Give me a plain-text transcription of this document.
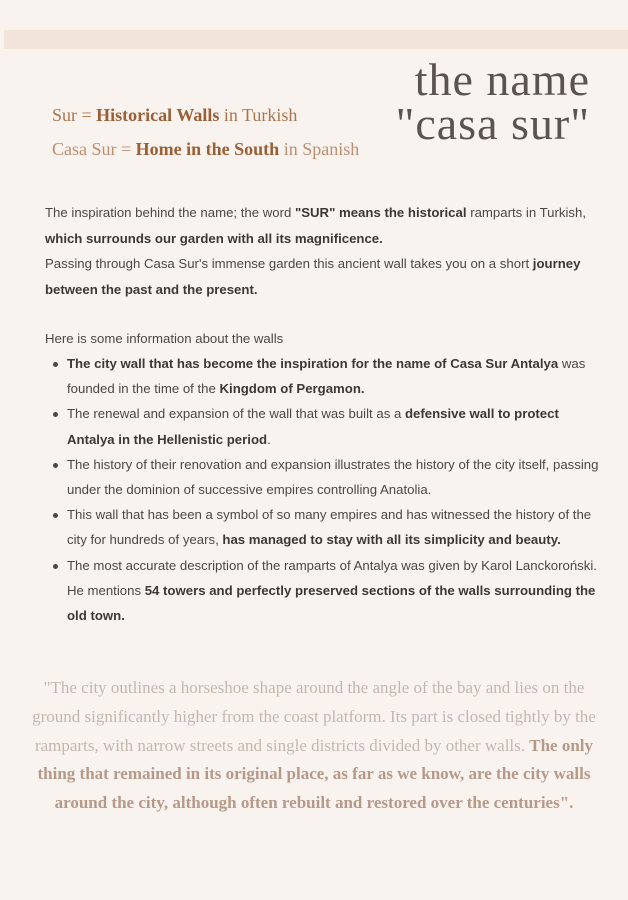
the name
"casa sur"
Sur = Historical Walls in Turkish
Casa Sur = Home in the South in Spanish
The inspiration behind the name; the word "SUR" means the historical ramparts in Turkish, which surrounds our garden with all its magnificence.
Passing through Casa Sur's immense garden this ancient wall takes you on a short journey between the past and the present.
Here is some information about the walls
The city wall that has become the inspiration for the name of Casa Sur Antalya was founded in the time of the Kingdom of Pergamon.
The renewal and expansion of the wall that was built as a defensive wall to protect Antalya in the Hellenistic period.
The history of their renovation and expansion illustrates the history of the city itself, passing under the dominion of successive empires controlling Anatolia.
This wall that has been a symbol of so many empires and has witnessed the history of the city for hundreds of years, has managed to stay with all its simplicity and beauty.
The most accurate description of the ramparts of Antalya was given by Karol Lanckoroński. He mentions 54 towers and perfectly preserved sections of the walls surrounding the old town.
"The city outlines a horseshoe shape around the angle of the bay and lies on the ground significantly higher from the coast platform. Its part is closed tightly by the ramparts, with narrow streets and single districts divided by other walls. The only thing that remained in its original place, as far as we know, are the city walls around the city, although often rebuilt and restored over the centuries".
